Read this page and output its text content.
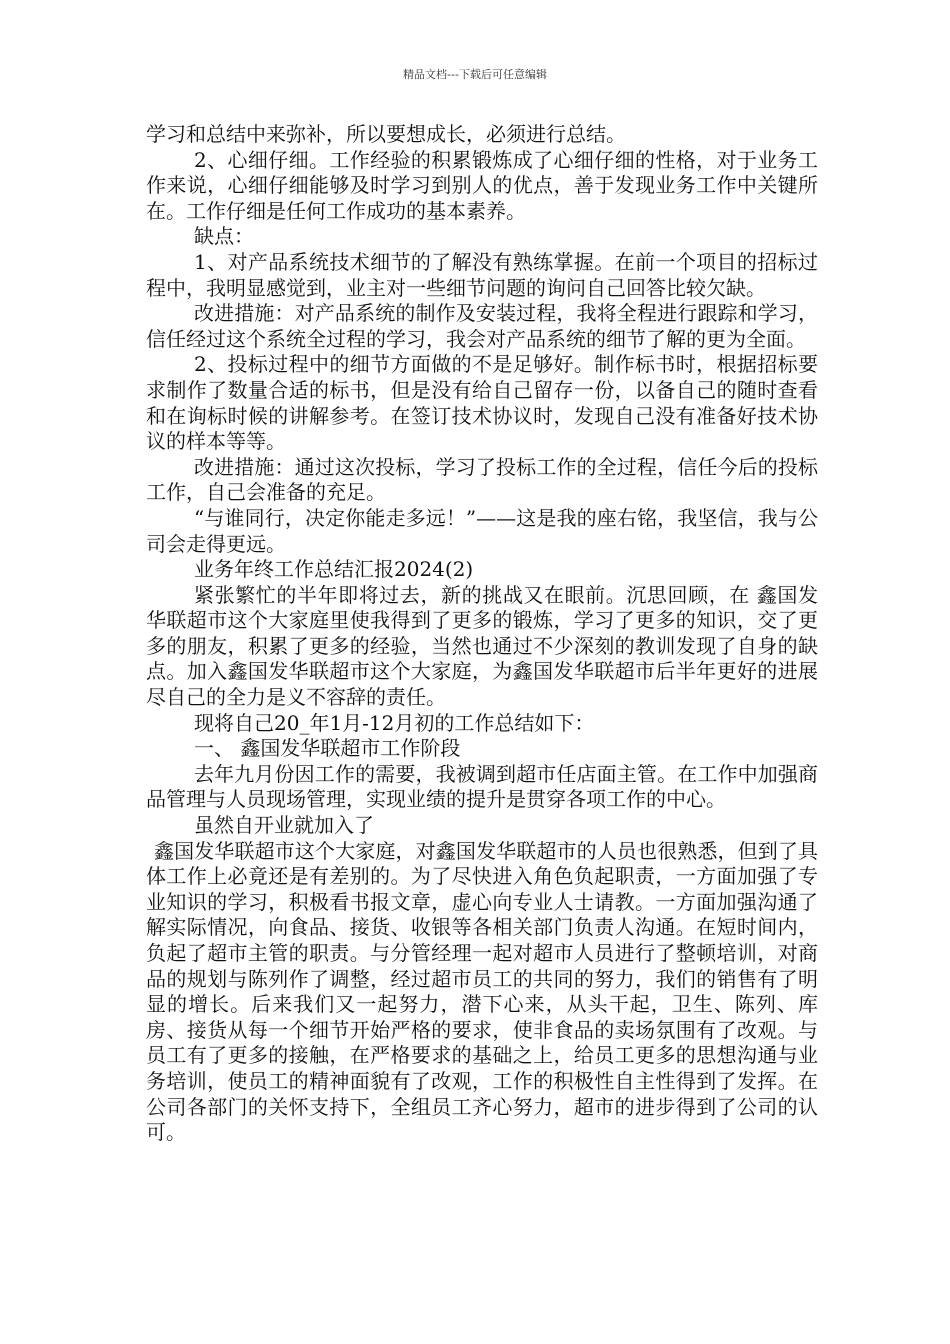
精品文档---下载后可任意编辑

学习和总结中来弥补，所以要想成长，必须进行总结。

2、心细仔细。工作经验的积累锻炼成了心细仔细的性格，对于业务工作来说，心细仔细能够及时学习到别人的优点，善于发现业务工作中关键所在。工作仔细是任何工作成功的基本素养。

缺点：

1、对产品系统技术细节的了解没有熟练掌握。在前一个项目的招标过程中，我明显感觉到，业主对一些细节问题的询问自己回答比较欠缺。

改进措施：对产品系统的制作及安装过程，我将全程进行跟踪和学习，信任经过这个系统全过程的学习，我会对产品系统的细节了解的更为全面。

2、投标过程中的细节方面做的不是足够好。制作标书时，根据招标要求制作了数量合适的标书，但是没有给自己留存一份，以备自己的随时查看和在询标时候的讲解参考。在签订技术协议时，发现自己没有准备好技术协议的样本等等。

改进措施：通过这次投标，学习了投标工作的全过程，信任今后的投标工作，自己会准备的充足。

“与谁同行，决定你能走多远！”——这是我的座右铭，我坚信，我与公司会走得更远。

业务年终工作总结汇报2024(2)

紧张繁忙的半年即将过去，新的挑战又在眼前。沉思回顾，在 鑫国发华联超市这个大家庭里使我得到了更多的锻炼，学习了更多的知识，交了更多的朋友，积累了更多的经验，当然也通过不少深刻的教训发现了自身的缺点。加入鑫国发华联超市这个大家庭，为鑫国发华联超市后半年更好的进展尽自己的全力是义不容辞的责任。

现将自己20_年1月-12月初的工作总结如下：

一、 鑫国发华联超市工作阶段

去年九月份因工作的需要，我被调到超市任店面主管。在工作中加强商品管理与人员现场管理，实现业绩的提升是贯穿各项工作的中心。

虽然自开业就加入了

鑫国发华联超市这个大家庭，对鑫国发华联超市的人员也很熟悉，但到了具体工作上必竟还是有差别的。为了尽快进入角色负起职责，一方面加强了专业知识的学习，积极看书报文章，虚心向专业人士请教。一方面加强沟通了解实际情况，向食品、接货、收银等各相关部门负责人沟通。在短时间内，负起了超市主管的职责。与分管经理一起对超市人员进行了整顿培训，对商品的规划与陈列作了调整，经过超市员工的共同的努力，我们的销售有了明显的增长。后来我们又一起努力，潜下心来，从头干起，卫生、陈列、库房、接货从每一个细节开始严格的要求，使非食品的卖场氛围有了改观。与员工有了更多的接触，在严格要求的基础之上，给员工更多的思想沟通与业务培训，使员工的精神面貌有了改观，工作的积极性自主性得到了发挥。在公司各部门的关怀支持下，全组员工齐心努力，超市的进步得到了公司的认可。
